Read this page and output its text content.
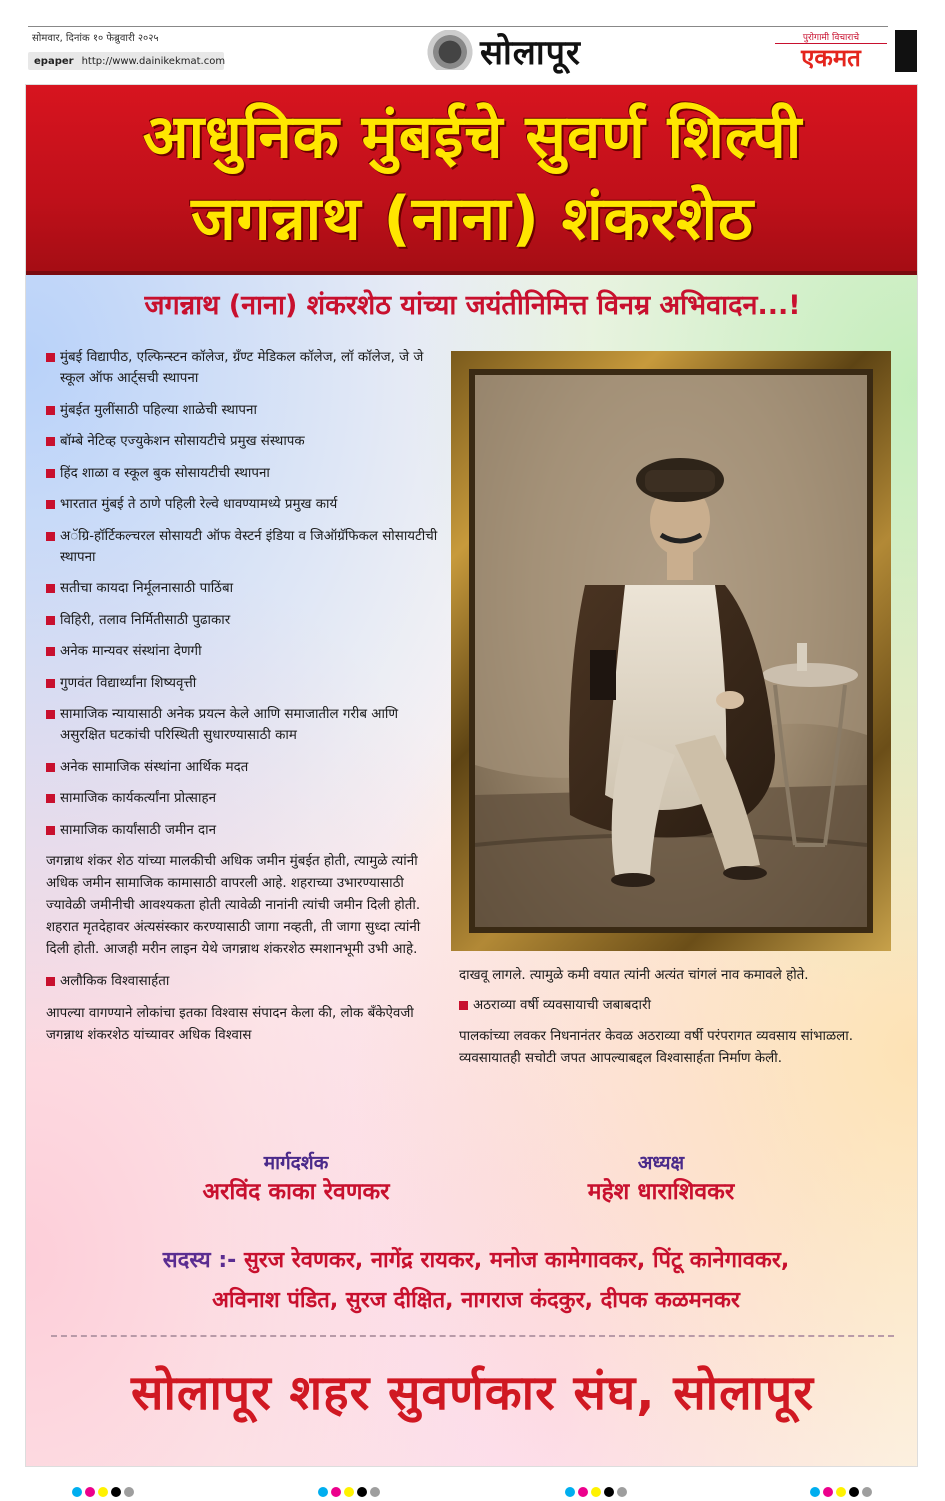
सोमवार, दिनांक १० फेब्रुवारी २०२५
epaper http://www.dainikekmat.com	सोलापूर	पुरोगामी विचाराचे
एकमत
आधुनिक मुंबईचे सुवर्ण शिल्पी
जगन्नाथ (नाना) शंकरशेठ
जगन्नाथ (नाना) शंकरशेठ यांच्या जयंतीनिमित्त विनम्र अभिवादन...!
मुंबई विद्यापीठ, एल्फिन्स्टन कॉलेज, ग्रँण्ट मेडिकल कॉलेज, लॉ कॉलेज, जे जे स्कूल ऑफ आर्ट्सची स्थापना
मुंबईत मुलींसाठी पहिल्या शाळेची स्थापना
बॉम्बे नेटिव्ह एज्युकेशन सोसायटीचे प्रमुख संस्थापक
हिंद शाळा व स्कूल बुक सोसायटीची स्थापना
भारतात मुंबई ते ठाणे पहिली रेल्वे धावण्यामध्ये प्रमुख कार्य
अॅग्रि-हॉर्टिकल्चरल सोसायटी ऑफ वेस्टर्न इंडिया व जिऑग्रॅफिकल सोसायटीची स्थापना
सतीचा कायदा निर्मूलनासाठी पाठिंबा
विहिरी, तलाव निर्मितीसाठी पुढाकार
अनेक मान्यवर संस्थांना देणगी
गुणवंत विद्यार्थ्यांना शिष्यवृत्ती
सामाजिक न्यायासाठी अनेक प्रयत्न केले आणि समाजातील गरीब आणि असुरक्षित घटकांची परिस्थिती सुधारण्यासाठी काम
अनेक सामाजिक संस्थांना आर्थिक मदत
सामाजिक कार्यकर्त्यांना प्रोत्साहन
सामाजिक कार्यांसाठी जमीन दान

जगन्नाथ शंकर शेठ यांच्या मालकीची अधिक जमीन मुंबईत होती, त्यामुळे त्यांनी अधिक जमीन सामाजिक कामासाठी वापरली आहे. शहराच्या उभारण्यासाठी ज्यावेळी जमीनीची आवश्यकता होती त्यावेळी नानांनी त्यांची जमीन दिली होती. शहरात मृतदेहावर अंत्यसंस्कार करण्यासाठी जागा नव्हती, ती जागा सुध्दा त्यांनी दिली होती. आजही मरीन लाइन येथे जगन्नाथ शंकरशेठ स्मशानभूमी उभी आहे.

अलौकिक विश्वासार्हता

आपल्या वागण्याने लोकांचा इतका विश्वास संपादन केला की, लोक बँकेऐवजी जगन्नाथ शंकरशेठ यांच्यावर अधिक विश्वास

दाखवू लागले. त्यामुळे कमी वयात त्यांनी अत्यंत चांगलं नाव कमावले होते.

अठराव्या वर्षी व्यवसायाची जबाबदारी

पालकांच्या लवकर निधनानंतर केवळ अठराव्या वर्षी परंपरागत व्यवसाय सांभाळला. व्यवसायातही सचोटी जपत आपल्याबद्दल विश्वासार्हता निर्माण केली.

मार्गदर्शक
अरविंद काका रेवणकर
अध्यक्ष
महेश धाराशिवकर
सदस्य :- सुरज रेवणकर, नागेंद्र रायकर, मनोज कामेगावकर, पिंटू कानेगावकर,
अविनाश पंडित, सुरज दीक्षित, नागराज कंदकुर, दीपक कळमनकर
सोलापूर शहर सुवर्णकार संघ, सोलापूर
